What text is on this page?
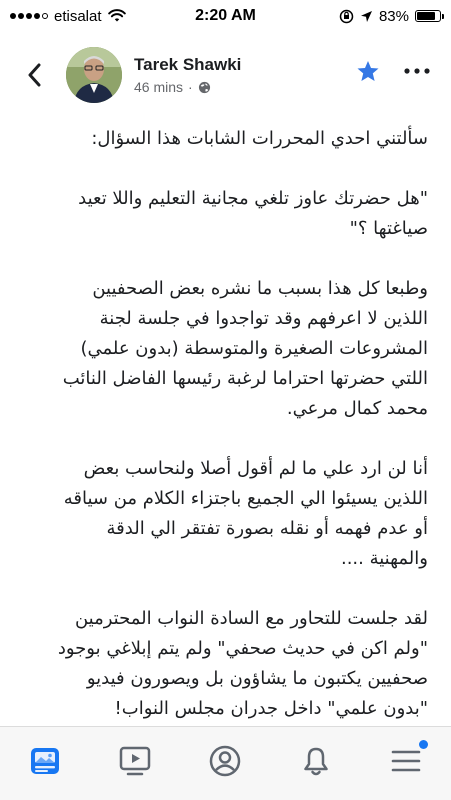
etisalat	2:20 AM	83%
Tarek Shawki
46 mins ·

سألتني احدي المحررات الشابات هذا السؤال:

"هل حضرتك عاوز تلغي مجانية التعليم واللا تعيد
صياغتها ؟"

وطبعا كل هذا بسبب ما نشره بعض الصحفيين
اللذين لا اعرفهم وقد تواجدوا في جلسة لجنة
المشروعات الصغيرة والمتوسطة (بدون علمي)
اللتي حضرتها احتراما لرغبة رئيسها الفاضل النائب
محمد كمال مرعي.

أنا لن ارد علي ما لم أقول أصلا ولنحاسب بعض
اللذين يسيئوا الي الجميع باجتزاء الكلام من سياقه
أو عدم فهمه أو نقله بصورة تفتقر الي الدقة
والمهنية ....

لقد جلست للتحاور مع السادة النواب المحترمين
"ولم اكن في حديث صحفي" ولم يتم إبلاغي بوجود
صحفيين يكتبون ما يشاؤون بل ويصورون فيديو
"بدون علمي" داخل جدران مجلس النواب!
